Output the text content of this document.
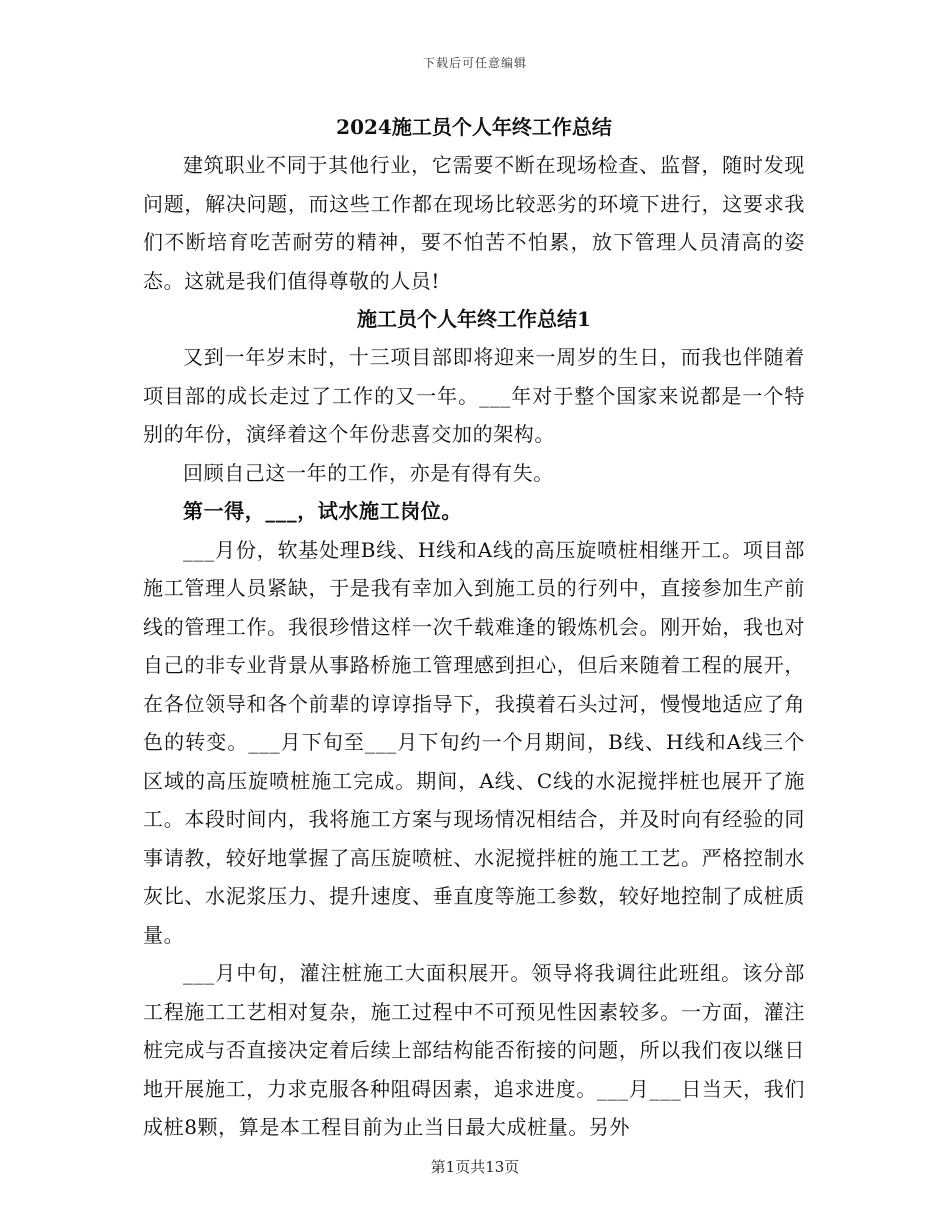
下载后可任意编辑
2024施工员个人年终工作总结

建筑职业不同于其他行业，它需要不断在现场检查、监督，随时发现问题，解决问题，而这些工作都在现场比较恶劣的环境下进行，这要求我们不断培育吃苦耐劳的精神，要不怕苦不怕累，放下管理人员清高的姿态。这就是我们值得尊敬的人员!

施工员个人年终工作总结1

又到一年岁末时，十三项目部即将迎来一周岁的生日，而我也伴随着项目部的成长走过了工作的又一年。___年对于整个国家来说都是一个特别的年份，演绎着这个年份悲喜交加的架构。

回顾自己这一年的工作，亦是有得有失。

第一得，___，试水施工岗位。

___月份，软基处理B线、H线和A线的高压旋喷桩相继开工。项目部施工管理人员紧缺，于是我有幸加入到施工员的行列中，直接参加生产前线的管理工作。我很珍惜这样一次千载难逢的锻炼机会。刚开始，我也对自己的非专业背景从事路桥施工管理感到担心，但后来随着工程的展开，在各位领导和各个前辈的谆谆指导下，我摸着石头过河，慢慢地适应了角色的转变。___月下旬至___月下旬约一个月期间，B线、H线和A线三个区域的高压旋喷桩施工完成。期间，A线、C线的水泥搅拌桩也展开了施工。本段时间内，我将施工方案与现场情况相结合，并及时向有经验的同事请教，较好地掌握了高压旋喷桩、水泥搅拌桩的施工工艺。严格控制水灰比、水泥浆压力、提升速度、垂直度等施工参数，较好地控制了成桩质量。

___月中旬，灌注桩施工大面积展开。领导将我调往此班组。该分部工程施工工艺相对复杂，施工过程中不可预见性因素较多。一方面，灌注桩完成与否直接决定着后续上部结构能否衔接的问题，所以我们夜以继日地开展施工，力求克服各种阻碍因素，追求进度。___月___日当天，我们成桩8颗，算是本工程目前为止当日最大成桩量。另外

第1页共13页
